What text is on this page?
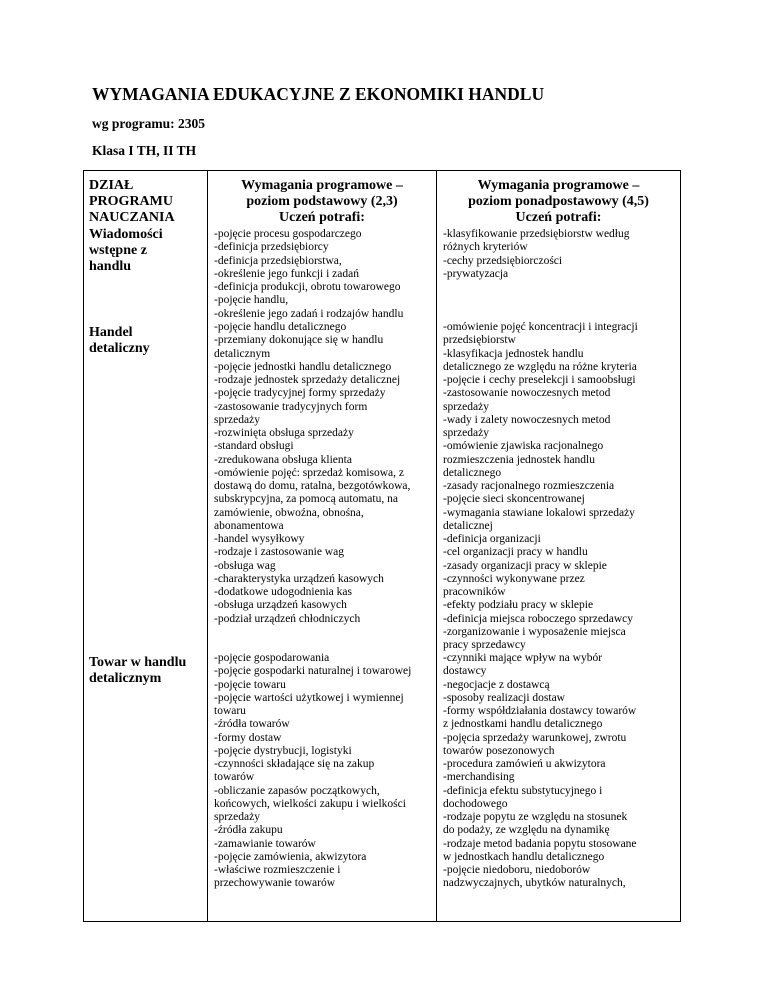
WYMAGANIA EDUKACYJNE Z EKONOMIKI HANDLU
wg programu: 2305
Klasa I TH, II TH
DZIAŁ
PROGRAMU
NAUCZANIA
Wymagania programowe –
poziom podstawowy (2,3)
Uczeń potrafi:
Wymagania programowe –
poziom ponadpostawowy (4,5)
Uczeń potrafi:
Wiadomości
wstępne z
handlu
-pojęcie procesu gospodarczego
-definicja przedsiębiorcy
-definicja przedsiębiorstwa,
-określenie jego funkcji i zadań
-definicja produkcji, obrotu towarowego
-pojęcie handlu,
-określenie jego zadań i rodzajów handlu
-klasyfikowanie przedsiębiorstw według
różnych kryteriów
-cechy przedsiębiorczości
-prywatyzacja
Handel
detaliczny
-pojęcie handlu detalicznego
-przemiany dokonujące się w handlu
detalicznym
-pojęcie jednostki handlu detalicznego
-rodzaje jednostek sprzedaży detalicznej
-pojęcie tradycyjnej formy sprzedaży
-zastosowanie tradycyjnych form
sprzedaży
-rozwinięta obsługa sprzedaży
-standard obsługi
-zredukowana obsługa klienta
-omówienie pojęć: sprzedaż komisowa, z
dostawą do domu, ratalna, bezgotówkowa,
subskrypcyjna, za pomocą automatu, na
zamówienie, obwoźna, obnośna,
abonamentowa
-handel wysyłkowy
-rodzaje i zastosowanie wag
-obsługa wag
-charakterystyka urządzeń kasowych
-dodatkowe udogodnienia kas
-obsługa urządzeń kasowych
-podział urządzeń chłodniczych
-omówienie pojęć koncentracji i integracji
przedsiębiorstw
-klasyfikacja jednostek handlu
detalicznego ze względu na różne kryteria
-pojęcie i cechy preselekcji i samoobsługi
-zastosowanie nowoczesnych metod
sprzedaży
-wady i zalety nowoczesnych metod
sprzedaży
-omówienie zjawiska racjonalnego
rozmieszczenia jednostek handlu
detalicznego
-zasady racjonalnego rozmieszczenia
-pojęcie sieci skoncentrowanej
-wymagania stawiane lokalowi sprzedaży
detalicznej
-definicja organizacji
-cel organizacji pracy w handlu
-zasady organizacji pracy w sklepie
-czynności wykonywane przez
pracowników
-efekty podziału pracy w sklepie
-definicja miejsca roboczego sprzedawcy
-zorganizowanie i wyposażenie miejsca
pracy sprzedawcy
Towar w handlu
detalicznym
-pojęcie gospodarowania
-pojęcie gospodarki naturalnej i towarowej
-pojęcie towaru
-pojęcie wartości użytkowej i wymiennej
towaru
-źródła towarów
-formy dostaw
-pojęcie dystrybucji, logistyki
-czynności składające się na zakup
towarów
-obliczanie zapasów początkowych,
końcowych, wielkości zakupu i wielkości
sprzedaży
-źródła zakupu
-zamawianie towarów
-pojęcie zamówienia, akwizytora
-właściwe rozmieszczenie i
przechowywanie towarów
-czynniki mające wpływ na wybór
dostawcy
-negocjacje z dostawcą
-sposoby realizacji dostaw
-formy współdziałania dostawcy towarów
z jednostkami handlu detalicznego
-pojęcia sprzedaży warunkowej, zwrotu
towarów posezonowych
-procedura zamówień u akwizytora
-merchandising
-definicja efektu substytucyjnego i
dochodowego
-rodzaje popytu ze względu na stosunek
do podaży, ze względu na dynamikę
-rodzaje metod badania popytu stosowane
w jednostkach handlu detalicznego
-pojęcie niedoboru, niedoborów
nadzwyczajnych, ubytków naturalnych,
